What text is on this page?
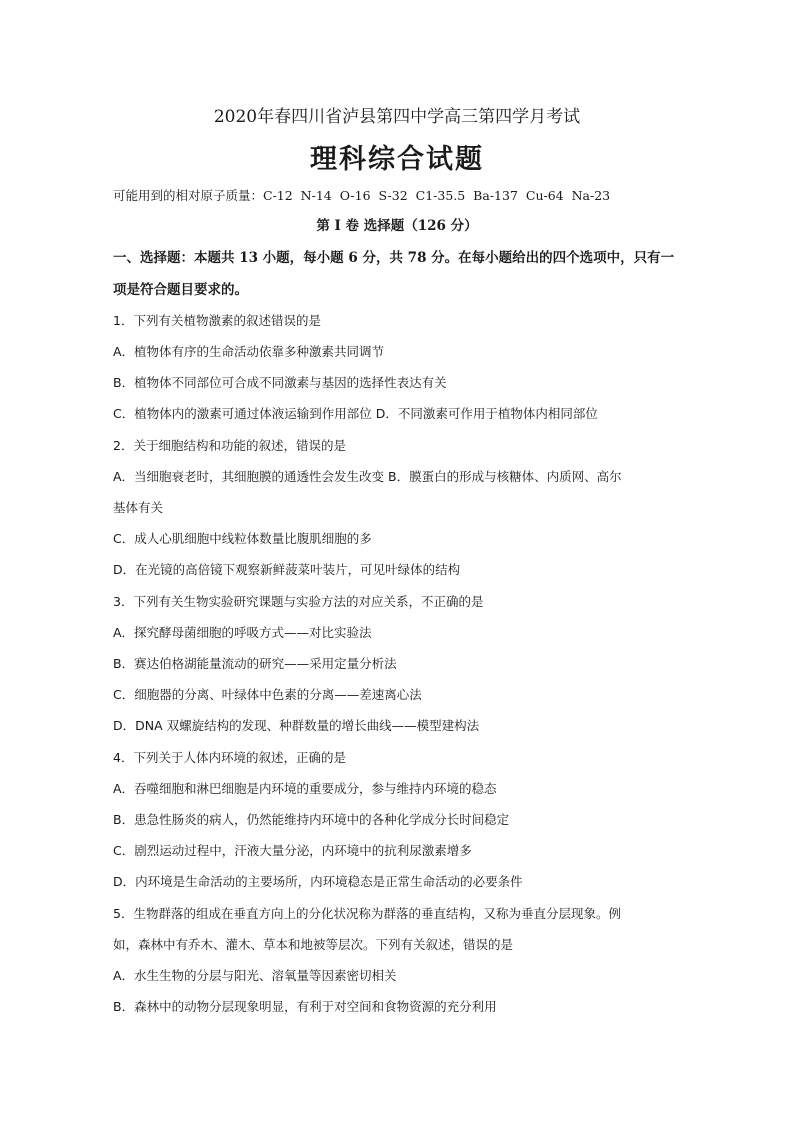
2020年春四川省泸县第四中学高三第四学月考试
理科综合试题
可能用到的相对原子质量：C-12 N-14 O-16 S-32 C1-35.5 Ba-137 Cu-64 Na-23
第 I 卷 选择题（126 分）
一、选择题：本题共 13 小题，每小题 6 分，共 78 分。在每小题给出的四个选项中，只有一
项是符合题目要求的。
1．下列有关植物激素的叙述错误的是
A．植物体有序的生命活动依靠多种激素共同调节
B．植物体不同部位可合成不同激素与基因的选择性表达有关
C．植物体内的激素可通过体液运输到作用部位 D．不同激素可作用于植物体内相同部位
2．关于细胞结构和功能的叙述，错误的是
A．当细胞衰老时，其细胞膜的通透性会发生改变 B．膜蛋白的形成与核糖体、内质网、高尔
基体有关
C．成人心肌细胞中线粒体数量比腹肌细胞的多
D．在光镜的高倍镜下观察新鲜菠菜叶装片，可见叶绿体的结构
3．下列有关生物实验研究课题与实验方法的对应关系，不正确的是
A．探究酵母菌细胞的呼吸方式——对比实验法
B．赛达伯格湖能量流动的研究——采用定量分析法
C．细胞器的分离、叶绿体中色素的分离——差速离心法
D．DNA 双螺旋结构的发现、种群数量的增长曲线——模型建构法
4．下列关于人体内环境的叙述，正确的是
A．吞噬细胞和淋巴细胞是内环境的重要成分，参与维持内环境的稳态
B．患急性肠炎的病人，仍然能维持内环境中的各种化学成分长时间稳定
C．剧烈运动过程中，汗液大量分泌，内环境中的抗利尿激素增多
D．内环境是生命活动的主要场所，内环境稳态是正常生命活动的必要条件
5．生物群落的组成在垂直方向上的分化状况称为群落的垂直结构，又称为垂直分层现象。例
如，森林中有乔木、灌木、草本和地被等层次。下列有关叙述，错误的是
A．水生生物的分层与阳光、溶氧量等因素密切相关
B．森林中的动物分层现象明显，有利于对空间和食物资源的充分利用
